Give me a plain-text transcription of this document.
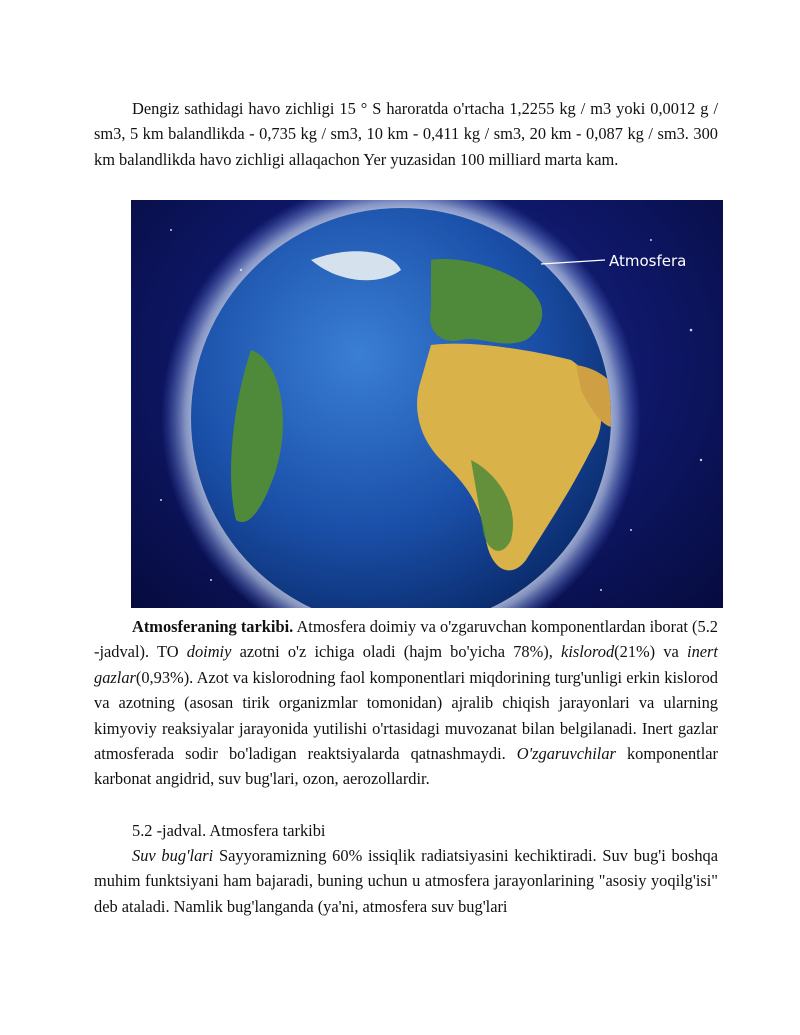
Dengiz sathidagi havo zichligi 15 ° S haroratda o'rtacha 1,2255 kg / m3 yoki 0,0012 g / sm3, 5 km balandlikda - 0,735 kg / sm3, 10 km - 0,411 kg / sm3, 20 km - 0,087 kg / sm3. 300 km balandlikda havo zichligi allaqachon Yer yuzasidan 100 milliard marta kam.

Atmosfera

Atmosferaning tarkibi. Atmosfera doimiy va o'zgaruvchan komponentlardan iborat (5.2 -jadval). TO doimiy azotni o'z ichiga oladi (hajm bo'yicha 78%), kislorod(21%) va inert gazlar(0,93%). Azot va kislorodning faol komponentlari miqdorining turg'unligi erkin kislorod va azotning (asosan tirik organizmlar tomonidan) ajralib chiqish jarayonlari va ularning kimyoviy reaksiyalar jarayonida yutilishi o'rtasidagi muvozanat bilan belgilanadi. Inert gazlar atmosferada sodir bo'ladigan reaktsiyalarda qatnashmaydi. O'zgaruvchilar komponentlar karbonat angidrid, suv bug'lari, ozon, aerozollardir.

5.2 -jadval. Atmosfera tarkibi

Suv bug'lari Sayyoramizning 60% issiqlik radiatsiyasini kechiktiradi. Suv bug'i boshqa muhim funktsiyani ham bajaradi, buning uchun u atmosfera jarayonlarining "asosiy yoqilg'isi" deb ataladi. Namlik bug'langanda (ya'ni, atmosfera suv bug'lari
